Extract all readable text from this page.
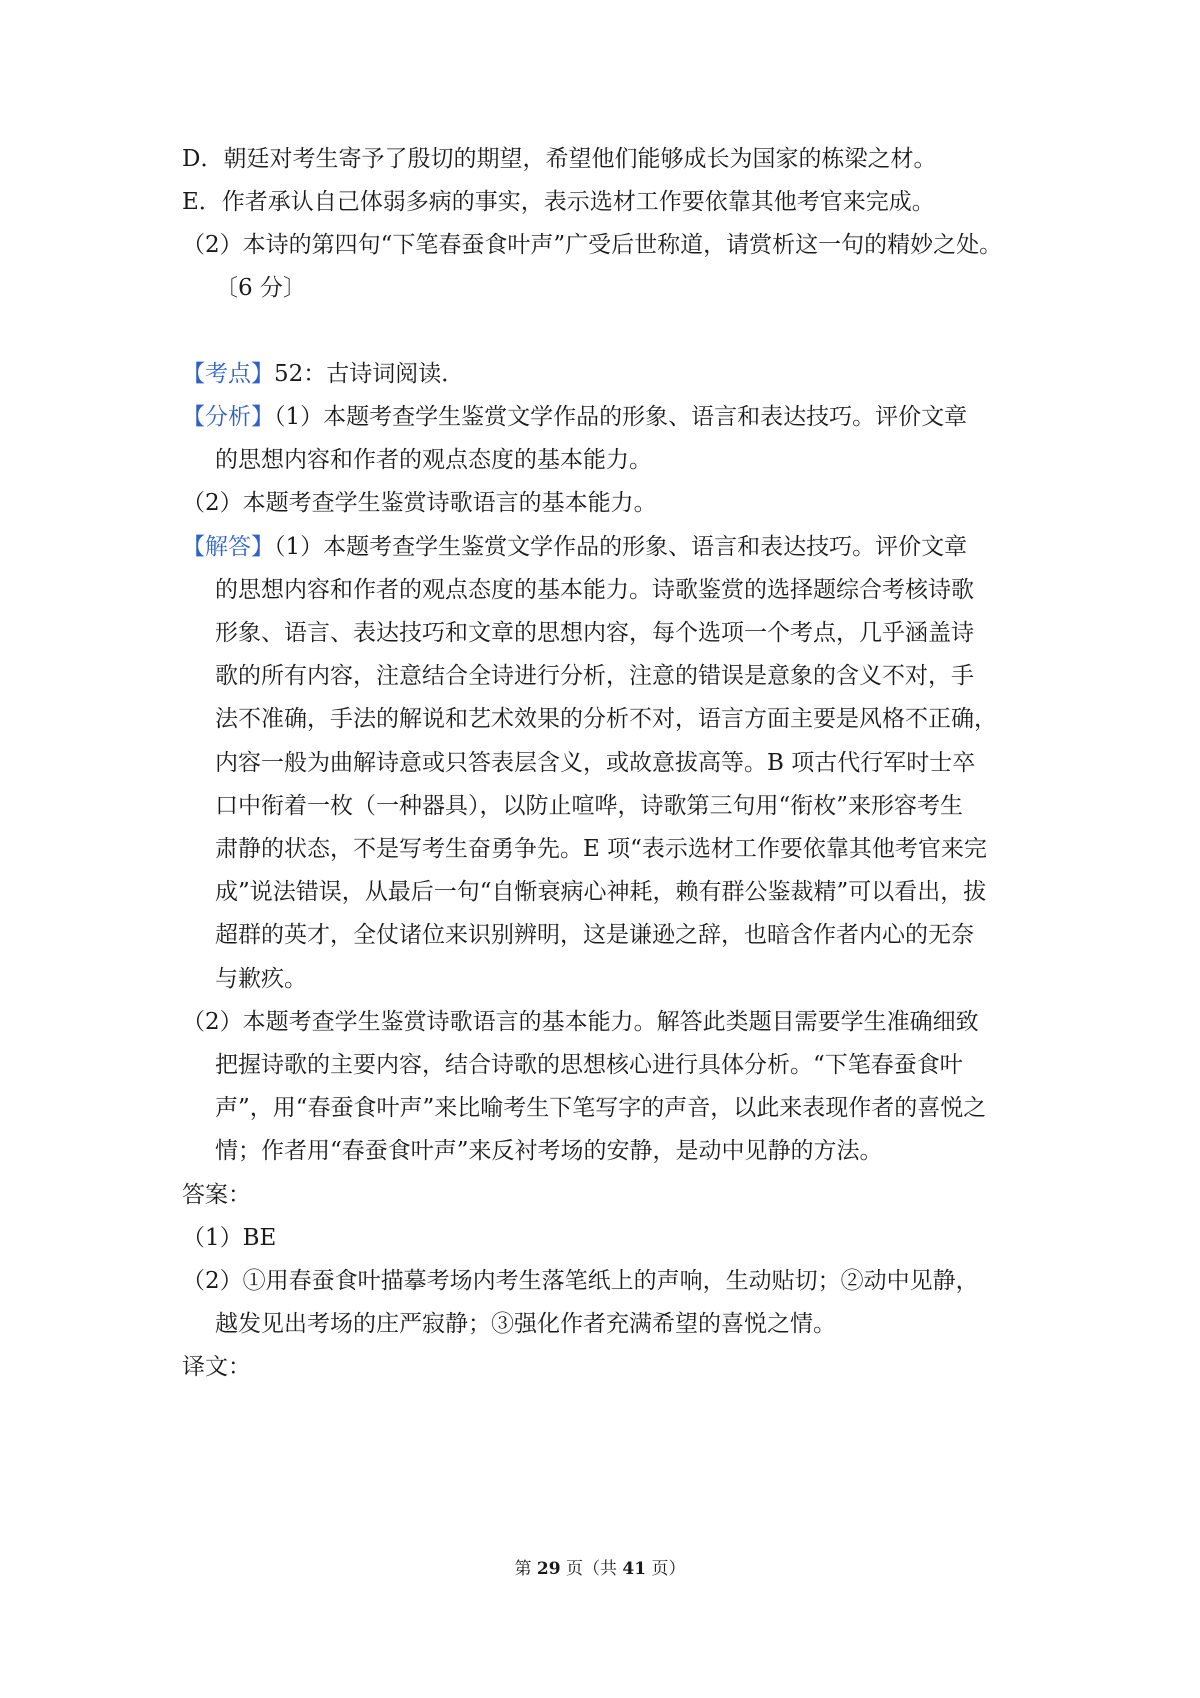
D．朝廷对考生寄予了殷切的期望，希望他们能够成长为国家的栋梁之材。
E．作者承认自己体弱多病的事实，表示选材工作要依靠其他考官来完成。
（2）本诗的第四句“下笔春蚕食叶声”广受后世称道，请赏析这一句的精妙之处。
〔6 分〕
【考点】52：古诗词阅读．
【分析】（1）本题考查学生鉴赏文学作品的形象、语言和表达技巧。评价文章
的思想内容和作者的观点态度的基本能力。
（2）本题考查学生鉴赏诗歌语言的基本能力。
【解答】（1）本题考查学生鉴赏文学作品的形象、语言和表达技巧。评价文章
的思想内容和作者的观点态度的基本能力。诗歌鉴赏的选择题综合考核诗歌
形象、语言、表达技巧和文章的思想内容，每个选项一个考点，几乎涵盖诗
歌的所有内容，注意结合全诗进行分析，注意的错误是意象的含义不对，手
法不准确，手法的解说和艺术效果的分析不对，语言方面主要是风格不正确，
内容一般为曲解诗意或只答表层含义，或故意拔高等。B 项古代行军时士卒
口中衔着一枚（一种器具），以防止喧哗，诗歌第三句用“衔枚”来形容考生
肃静的状态，不是写考生奋勇争先。E 项“表示选材工作要依靠其他考官来完
成”说法错误，从最后一句“自惭衰病心神耗，赖有群公鉴裁精”可以看出，拔
超群的英才，全仗诸位来识别辨明，这是谦逊之辞，也暗含作者内心的无奈
与歉疚。
（2）本题考查学生鉴赏诗歌语言的基本能力。解答此类题目需要学生准确细致
把握诗歌的主要内容，结合诗歌的思想核心进行具体分析。“下笔春蚕食叶
声”，用“春蚕食叶声”来比喻考生下笔写字的声音，以此来表现作者的喜悦之
情；作者用“春蚕食叶声”来反衬考场的安静，是动中见静的方法。
答案：
（1）BE
（2）①用春蚕食叶描摹考场内考生落笔纸上的声响，生动贴切；②动中见静，
越发见出考场的庄严寂静；③强化作者充满希望的喜悦之情。
译文：
第 29 页（共 41 页）
